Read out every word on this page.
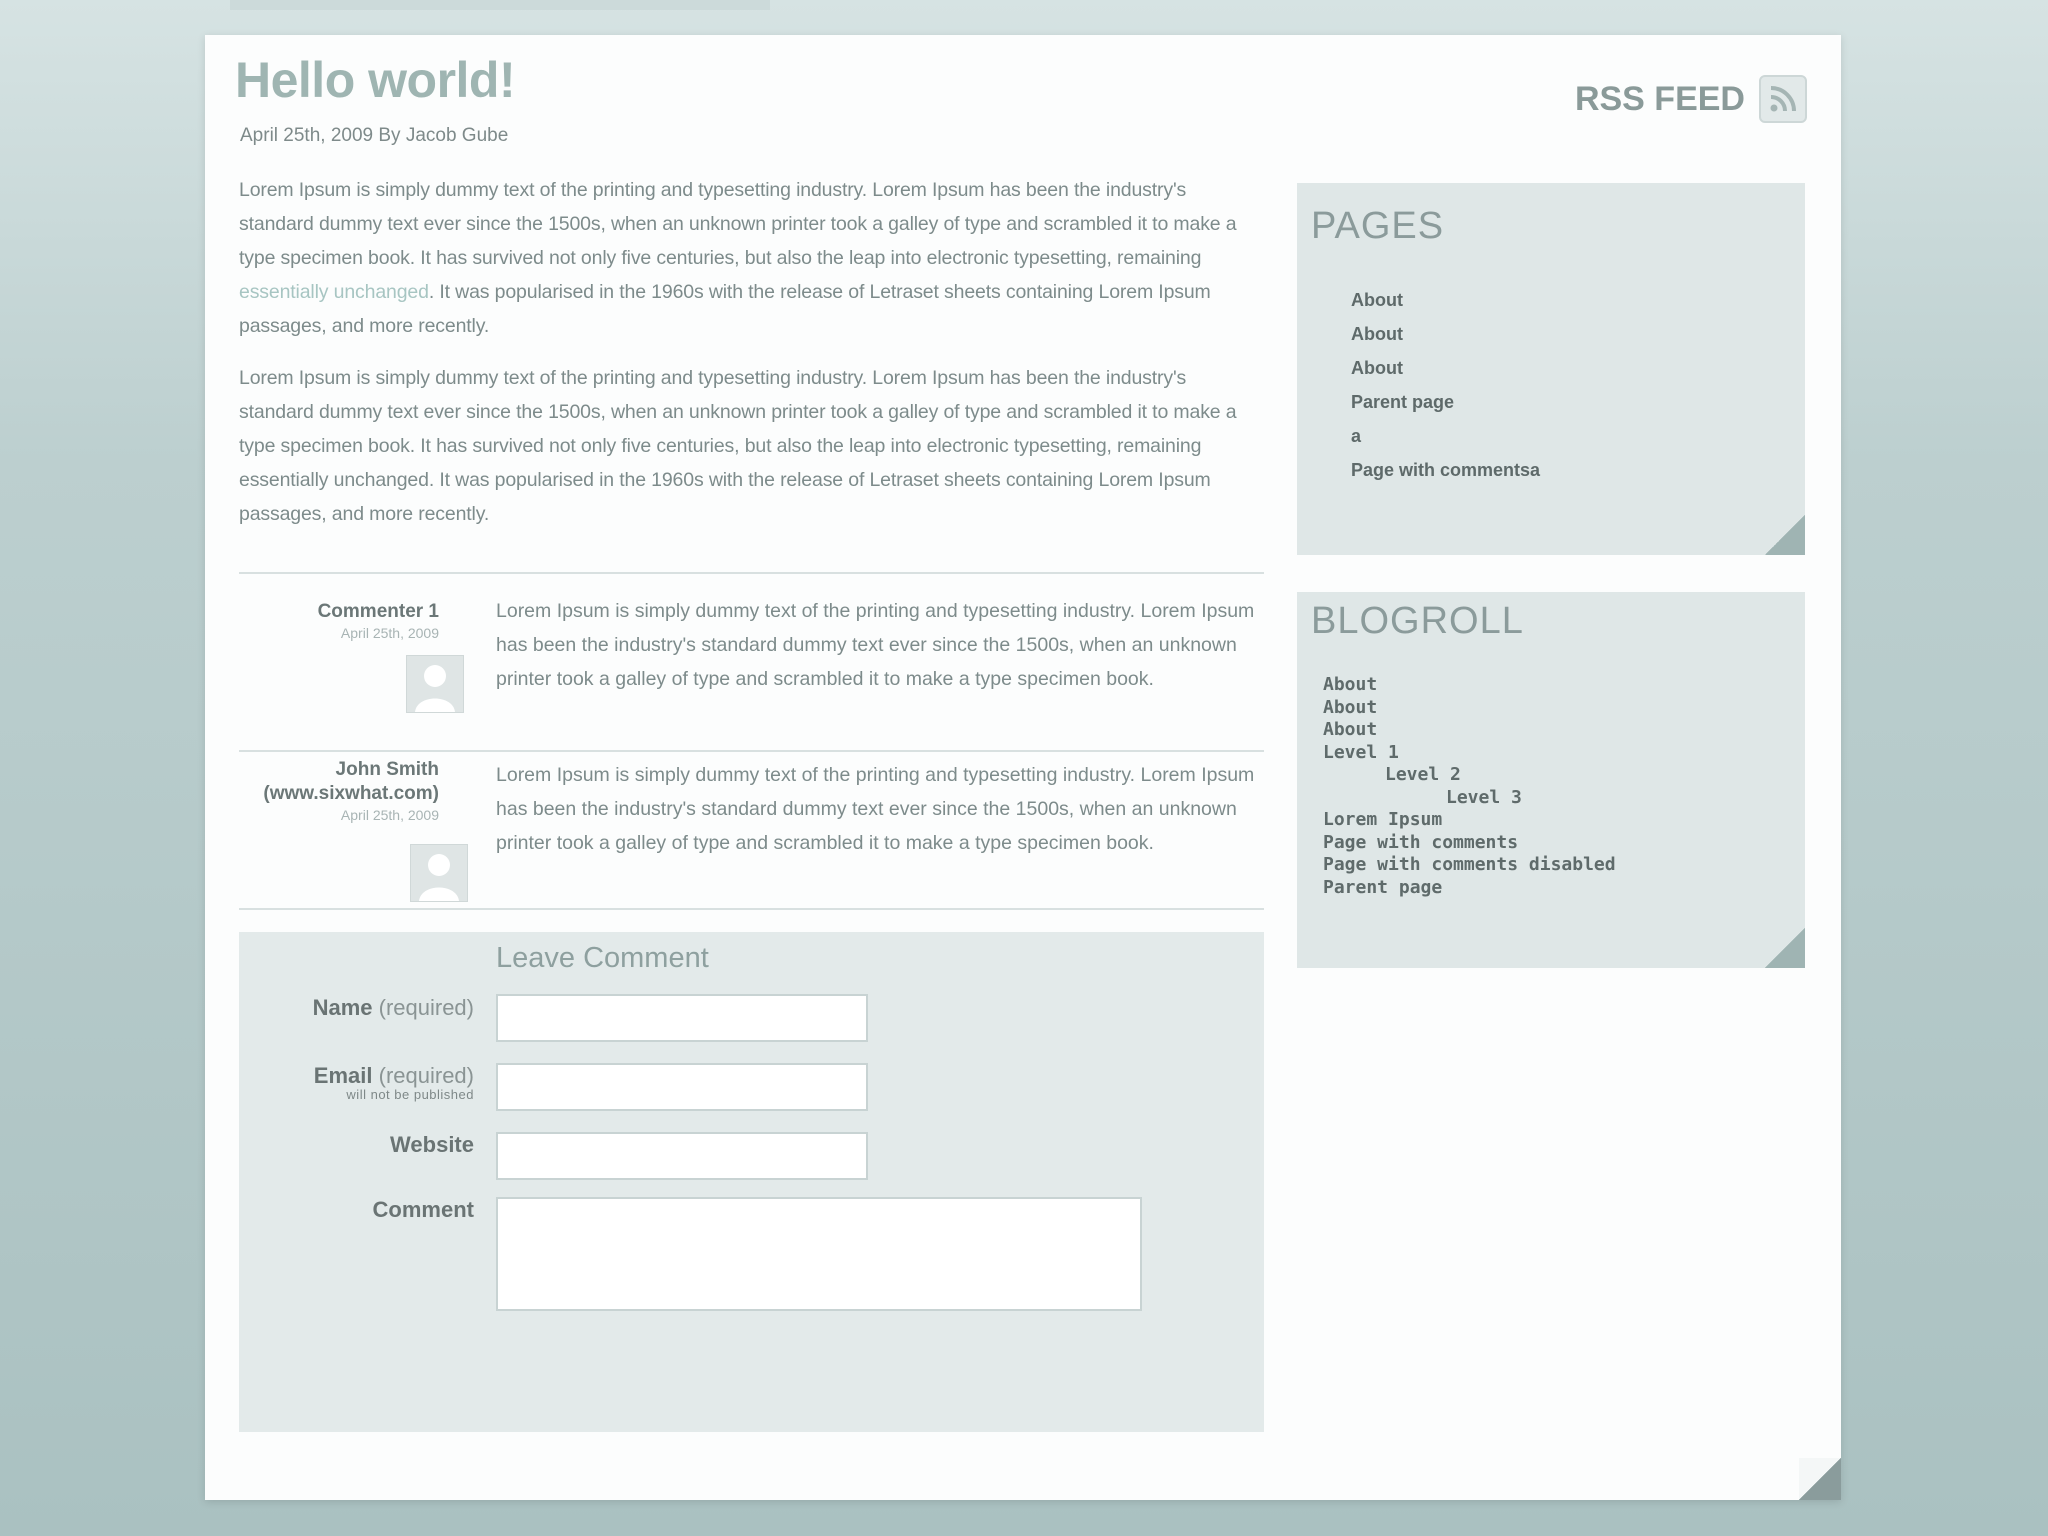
Hello world!
April 25th, 2009 By Jacob Gube
RSS FEED

Lorem Ipsum is simply dummy text of the printing and typesetting industry. Lorem Ipsum has been the industry's standard dummy text ever since the 1500s, when an unknown printer took a galley of type and scrambled it to make a type specimen book. It has survived not only five centuries, but also the leap into electronic typesetting, remaining essentially unchanged. It was popularised in the 1960s with the release of Letraset sheets containing Lorem Ipsum passages, and more recently.

Lorem Ipsum is simply dummy text of the printing and typesetting industry. Lorem Ipsum has been the industry's standard dummy text ever since the 1500s, when an unknown printer took a galley of type and scrambled it to make a type specimen book. It has survived not only five centuries, but also the leap into electronic typesetting, remaining essentially unchanged. It was popularised in the 1960s with the release of Letraset sheets containing Lorem Ipsum passages, and more recently.

Commenter 1
April 25th, 2009
Lorem Ipsum is simply dummy text of the printing and typesetting industry. Lorem Ipsum has been the industry's standard dummy text ever since the 1500s, when an unknown printer took a galley of type and scrambled it to make a type specimen book.
John Smith
(www.sixwhat.com)
April 25th, 2009
Lorem Ipsum is simply dummy text of the printing and typesetting industry. Lorem Ipsum has been the industry's standard dummy text ever since the 1500s, when an unknown printer took a galley of type and scrambled it to make a type specimen book.
Leave Comment
Name (required)
Email (required)
will not be published
Website
Comment
PAGES
About
About
About
Parent page
a
Page with commentsa
BLOGROLL
About
About
About
Level 1
Level 2
Level 3
Lorem Ipsum
Page with comments
Page with comments disabled
Parent page
